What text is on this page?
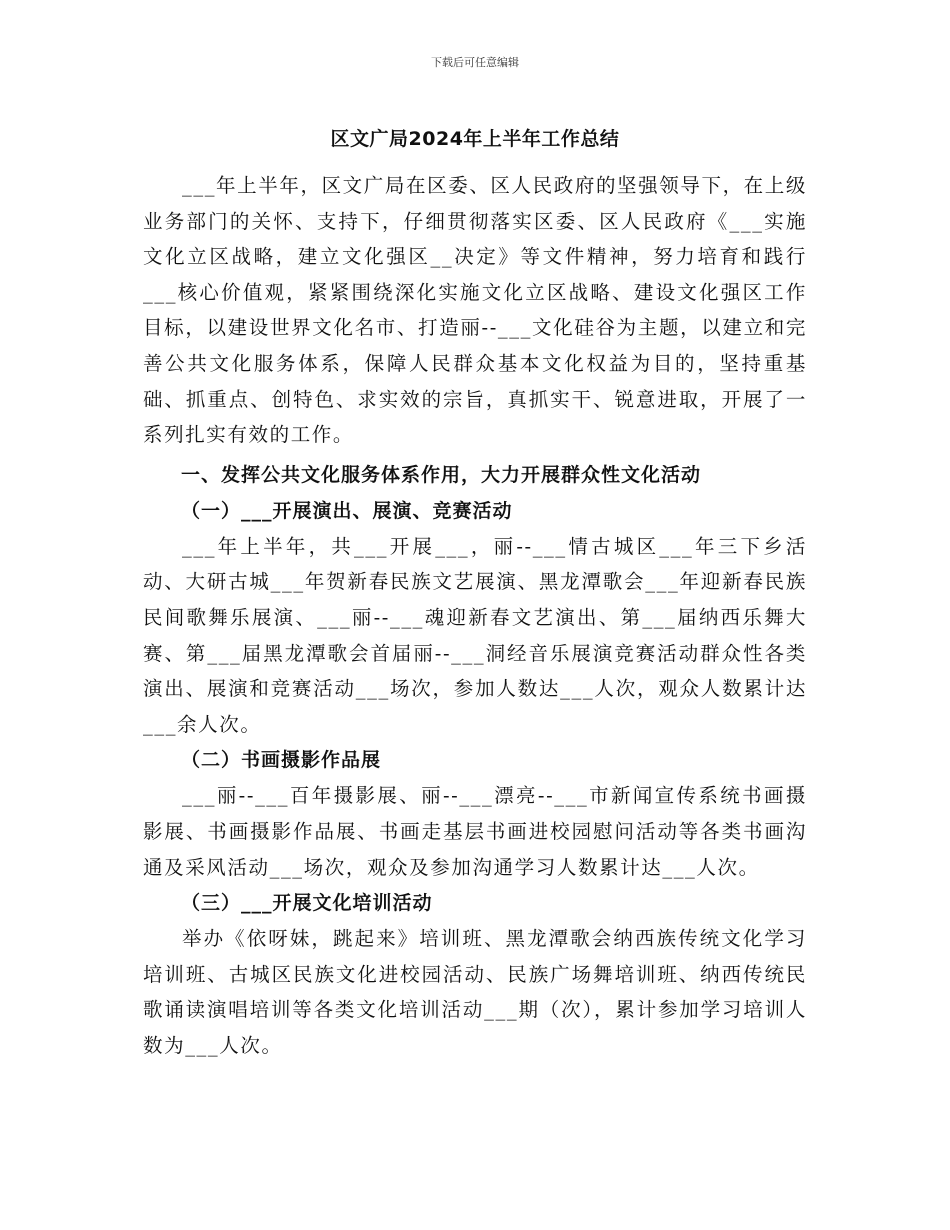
下载后可任意编辑
区文广局2024年上半年工作总结

___年上半年，区文广局在区委、区人民政府的坚强领导下，在上级业务部门的关怀、支持下，仔细贯彻落实区委、区人民政府《___实施文化立区战略，建立文化强区__决定》等文件精神，努力培育和践行___核心价值观，紧紧围绕深化实施文化立区战略、建设文化强区工作目标，以建设世界文化名市、打造丽--___文化硅谷为主题，以建立和完善公共文化服务体系，保障人民群众基本文化权益为目的，坚持重基础、抓重点、创特色、求实效的宗旨，真抓实干、锐意进取，开展了一系列扎实有效的工作。

一、发挥公共文化服务体系作用，大力开展群众性文化活动
（一）___开展演出、展演、竞赛活动

___年上半年，共___开展___，丽--___情古城区___年三下乡活动、大研古城___年贺新春民族文艺展演、黑龙潭歌会___年迎新春民族民间歌舞乐展演、___丽--___魂迎新春文艺演出、第___届纳西乐舞大赛、第___届黑龙潭歌会首届丽--___洞经音乐展演竞赛活动群众性各类演出、展演和竞赛活动___场次，参加人数达___人次，观众人数累计达___余人次。

（二）书画摄影作品展

___丽--___百年摄影展、丽--___漂亮--___市新闻宣传系统书画摄影展、书画摄影作品展、书画走基层书画进校园慰问活动等各类书画沟通及采风活动___场次，观众及参加沟通学习人数累计达___人次。

（三）___开展文化培训活动

举办《依呀妹，跳起来》培训班、黑龙潭歌会纳西族传统文化学习培训班、古城区民族文化进校园活动、民族广场舞培训班、纳西传统民歌诵读演唱培训等各类文化培训活动___期（次），累计参加学习培训人数为___人次。
